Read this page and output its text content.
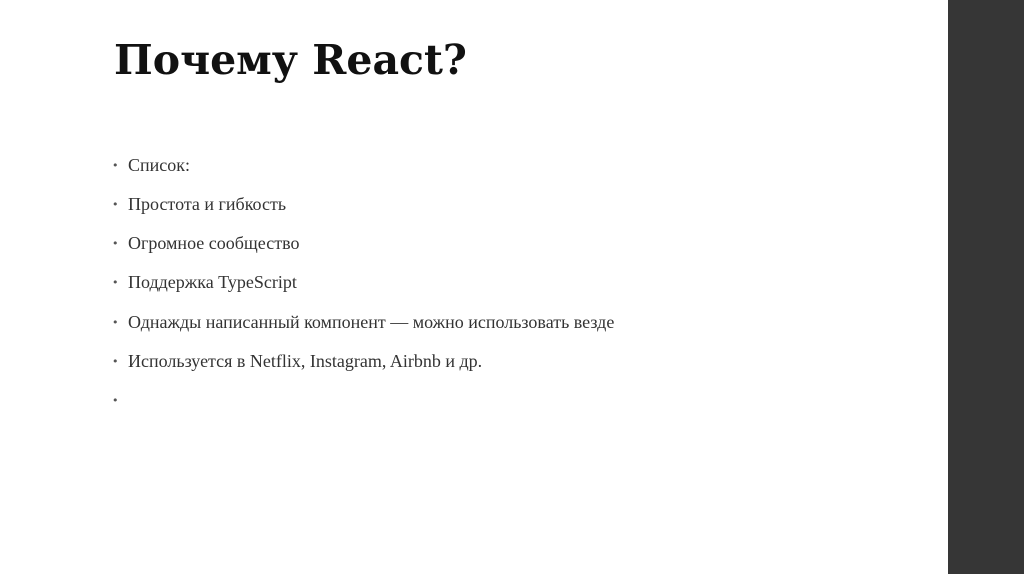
Почему React?
• Список:
• Простота и гибкость
• Огромное сообщество
• Поддержка TypeScript
• Однажды написанный компонент — можно использовать везде
• Используется в Netflix, Instagram, Airbnb и др.
•
